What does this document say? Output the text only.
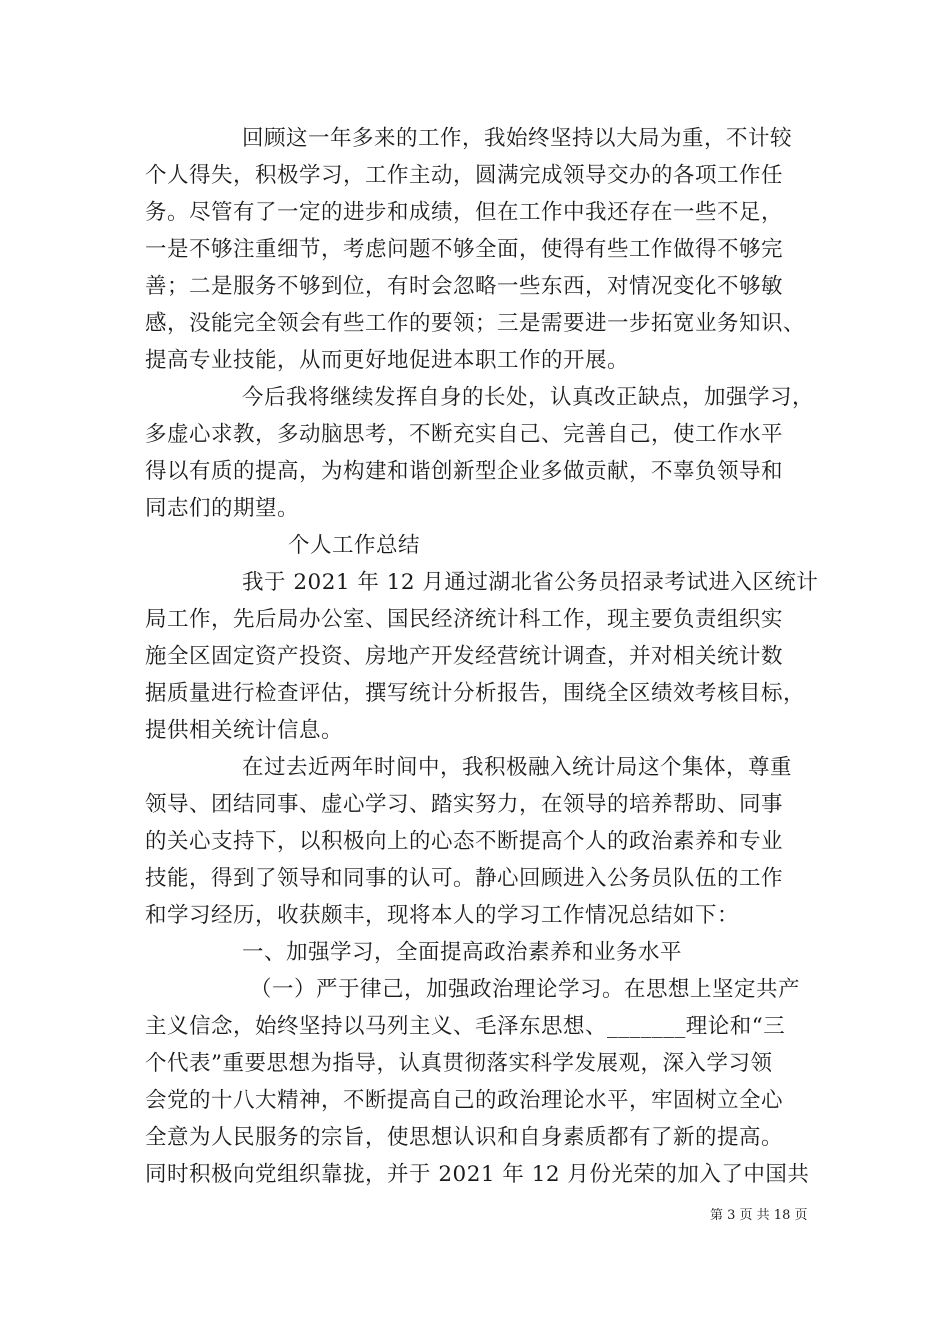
回顾这一年多来的工作，我始终坚持以大局为重，不计较
个人得失，积极学习，工作主动，圆满完成领导交办的各项工作任
务。尽管有了一定的进步和成绩，但在工作中我还存在一些不足，
一是不够注重细节，考虑问题不够全面，使得有些工作做得不够完
善；二是服务不够到位，有时会忽略一些东西，对情况变化不够敏
感，没能完全领会有些工作的要领；三是需要进一步拓宽业务知识、
提高专业技能，从而更好地促进本职工作的开展。
今后我将继续发挥自身的长处，认真改正缺点，加强学习，
多虚心求教，多动脑思考，不断充实自己、完善自己，使工作水平
得以有质的提高，为构建和谐创新型企业多做贡献，不辜负领导和
同志们的期望。
个人工作总结
我于 2021 年 12 月通过湖北省公务员招录考试进入区统计
局工作，先后局办公室、国民经济统计科工作，现主要负责组织实
施全区固定资产投资、房地产开发经营统计调查，并对相关统计数
据质量进行检查评估，撰写统计分析报告，围绕全区绩效考核目标，
提供相关统计信息。
在过去近两年时间中，我积极融入统计局这个集体，尊重
领导、团结同事、虚心学习、踏实努力，在领导的培养帮助、同事
的关心支持下，以积极向上的心态不断提高个人的政治素养和专业
技能，得到了领导和同事的认可。静心回顾进入公务员队伍的工作
和学习经历，收获颇丰，现将本人的学习工作情况总结如下：
一、加强学习，全面提高政治素养和业务水平
（一）严于律己，加强政治理论学习。在思想上坚定共产
主义信念，始终坚持以马列主义、毛泽东思想、_______理论和“三
个代表”重要思想为指导，认真贯彻落实科学发展观，深入学习领
会党的十八大精神，不断提高自己的政治理论水平，牢固树立全心
全意为人民服务的宗旨，使思想认识和自身素质都有了新的提高。
同时积极向党组织靠拢，并于 2021 年 12 月份光荣的加入了中国共
第 3 页 共 18 页
